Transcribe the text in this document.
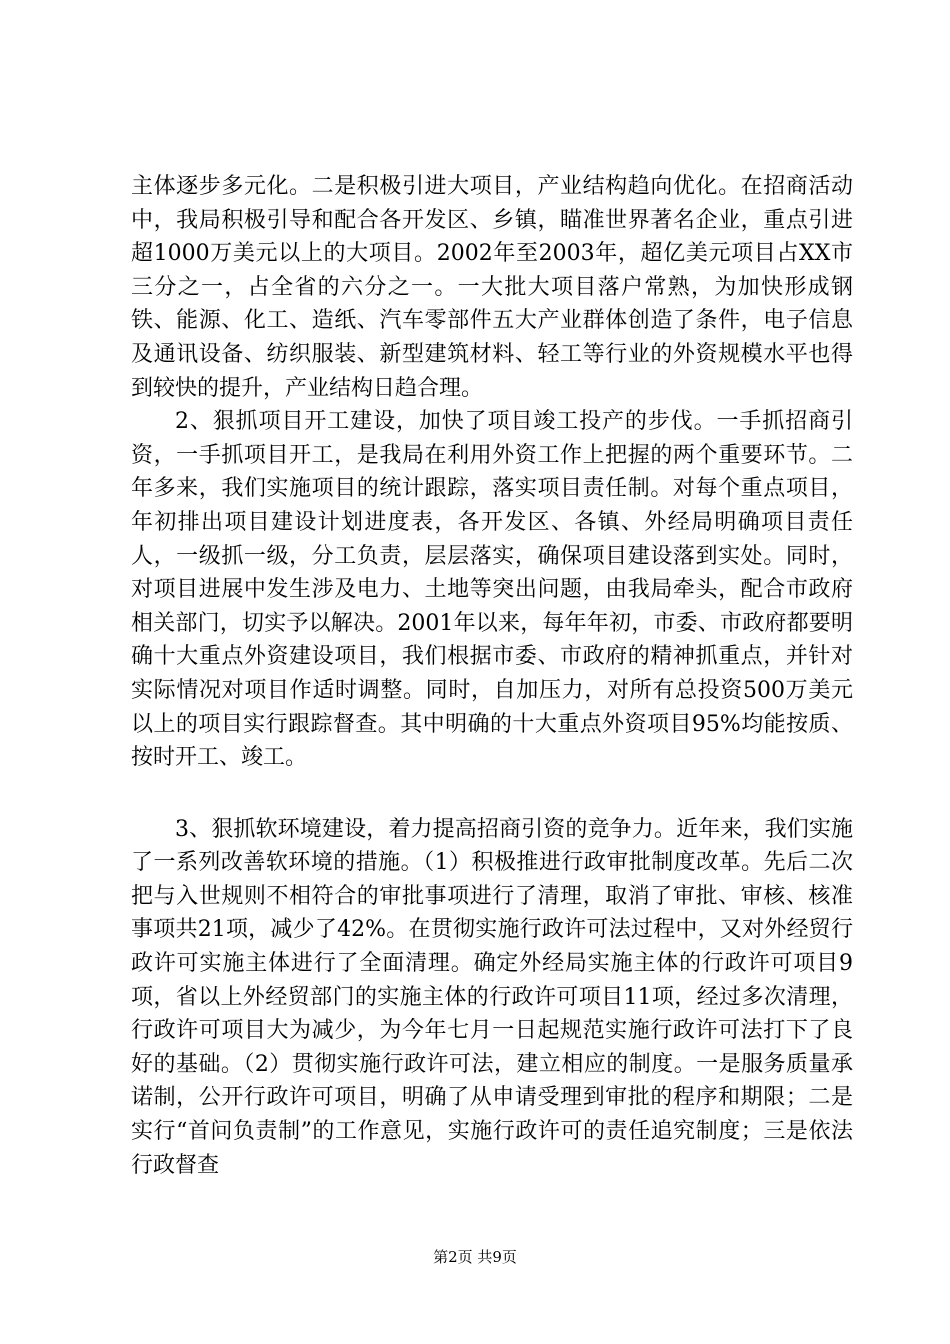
主体逐步多元化。二是积极引进大项目，产业结构趋向优化。在招商活动中，我局积极引导和配合各开发区、乡镇，瞄准世界著名企业，重点引进超1000万美元以上的大项目。2002年至2003年，超亿美元项目占XX市三分之一，占全省的六分之一。一大批大项目落户常熟，为加快形成钢铁、能源、化工、造纸、汽车零部件五大产业群体创造了条件，电子信息及通讯设备、纺织服装、新型建筑材料、轻工等行业的外资规模水平也得到较快的提升，产业结构日趋合理。

2、狠抓项目开工建设，加快了项目竣工投产的步伐。一手抓招商引资，一手抓项目开工，是我局在利用外资工作上把握的两个重要环节。二年多来，我们实施项目的统计跟踪，落实项目责任制。对每个重点项目，年初排出项目建设计划进度表，各开发区、各镇、外经局明确项目责任人，一级抓一级，分工负责，层层落实，确保项目建设落到实处。同时，对项目进展中发生涉及电力、土地等突出问题，由我局牵头，配合市政府相关部门，切实予以解决。2001年以来，每年年初，市委、市政府都要明确十大重点外资建设项目，我们根据市委、市政府的精神抓重点，并针对实际情况对项目作适时调整。同时，自加压力，对所有总投资500万美元以上的项目实行跟踪督查。其中明确的十大重点外资项目95%均能按质、按时开工、竣工。

3、狠抓软环境建设，着力提高招商引资的竞争力。近年来，我们实施了一系列改善软环境的措施。（1）积极推进行政审批制度改革。先后二次把与入世规则不相符合的审批事项进行了清理，取消了审批、审核、核准事项共21项，减少了42%。在贯彻实施行政许可法过程中，又对外经贸行政许可实施主体进行了全面清理。确定外经局实施主体的行政许可项目9项，省以上外经贸部门的实施主体的行政许可项目11项，经过多次清理，行政许可项目大为减少，为今年七月一日起规范实施行政许可法打下了良好的基础。（2）贯彻实施行政许可法，建立相应的制度。一是服务质量承诺制，公开行政许可项目，明确了从申请受理到审批的程序和期限；二是实行“首问负责制”的工作意见，实施行政许可的责任追究制度；三是依法行政督查

第2页 共9页
